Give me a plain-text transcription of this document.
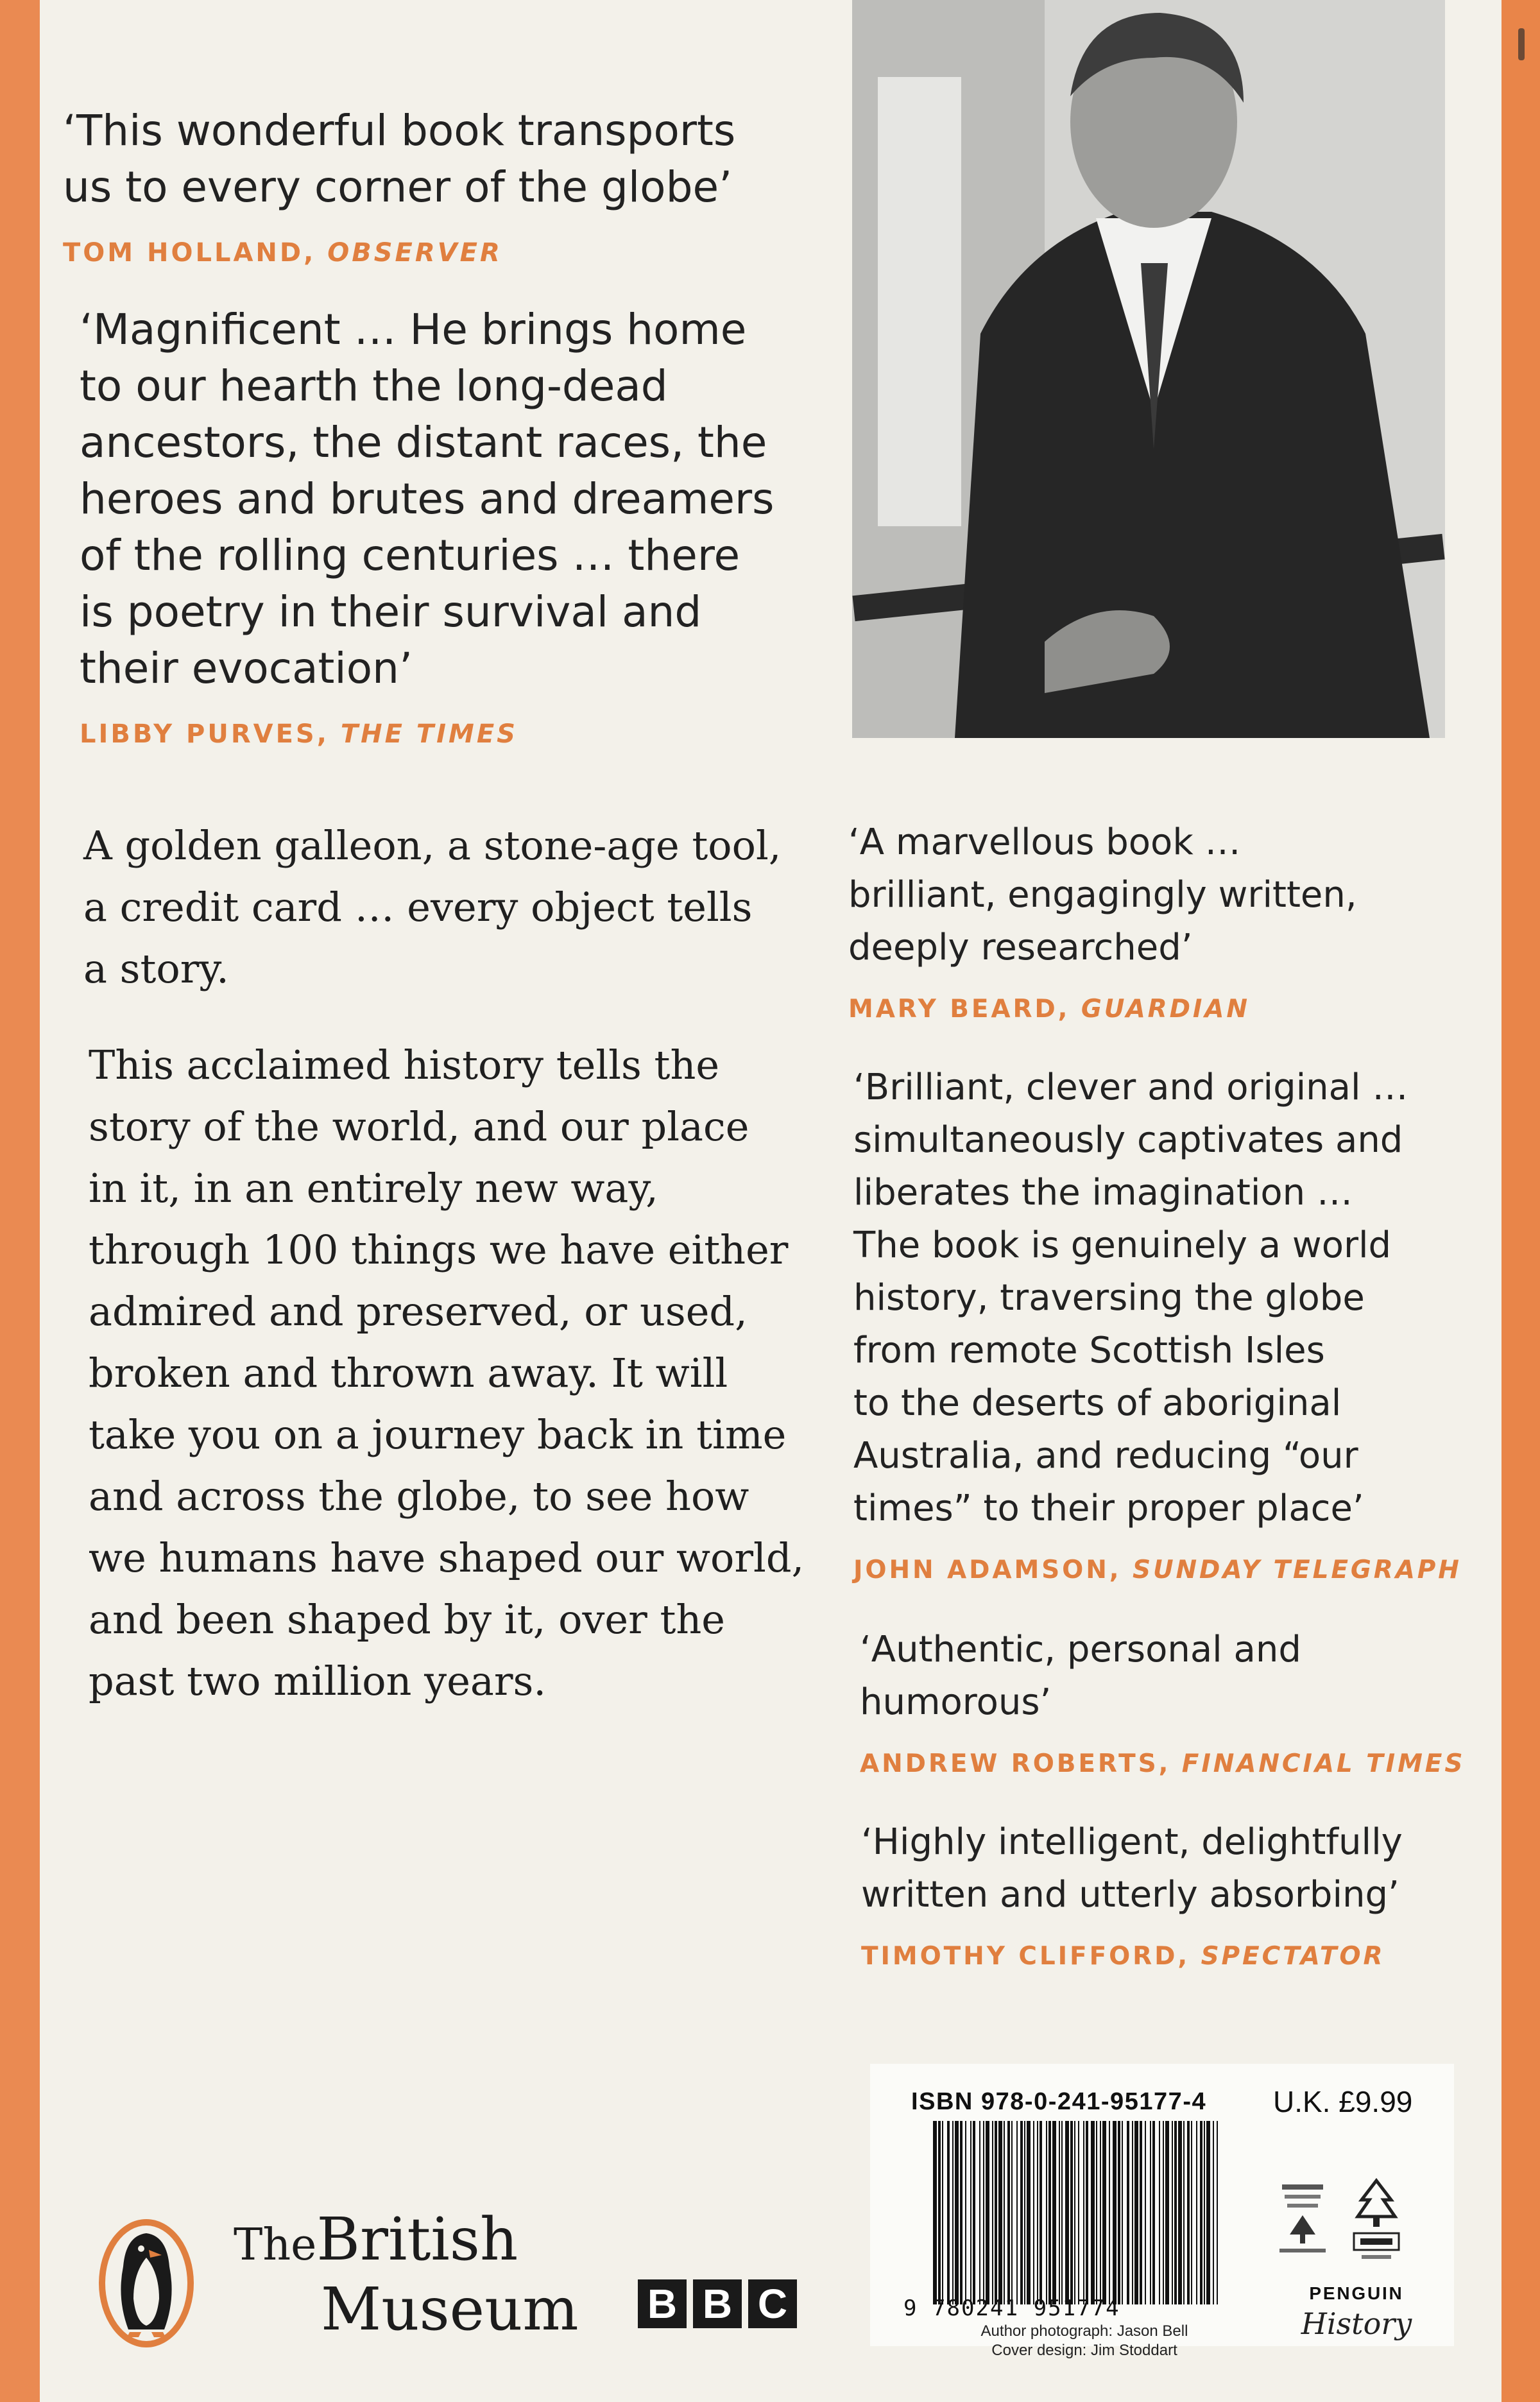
‘This wonderful book transports
us to every corner of the globe’
TOM HOLLAND, OBSERVER
‘Magnificent … He brings home
to our hearth the long-dead
ancestors, the distant races, the
heroes and brutes and dreamers
of the rolling centuries … there
is poetry in their survival and
their evocation’
LIBBY PURVES, THE TIMES

A golden galleon, a stone-age tool,
a credit card … every object tells
a story.

This acclaimed history tells the
story of the world, and our place
in it, in an entirely new way,
through 100 things we have either
admired and preserved, or used,
broken and thrown away. It will
take you on a journey back in time
and across the globe, to see how
we humans have shaped our world,
and been shaped by it, over the
past two million years.

‘A marvellous book …
brilliant, engagingly written,
deeply researched’
MARY BEARD, GUARDIAN
‘Brilliant, clever and original …
simultaneously captivates and
liberates the imagination …
The book is genuinely a world
history, traversing the globe
from remote Scottish Isles
to the deserts of aboriginal
Australia, and reducing “our
times” to their proper place’
JOHN ADAMSON, SUNDAY TELEGRAPH
‘Authentic, personal and
humorous’
ANDREW ROBERTS, FINANCIAL TIMES
‘Highly intelligent, delightfully
written and utterly absorbing’
TIMOTHY CLIFFORD, SPECTATOR
ISBN 978-0-241-95177-4 U.K. £9.99
9 780241 951774
Author photograph: Jason Bell
Cover design: Jim Stoddart
PENGUIN
History
TheBritish
Museum B B C
